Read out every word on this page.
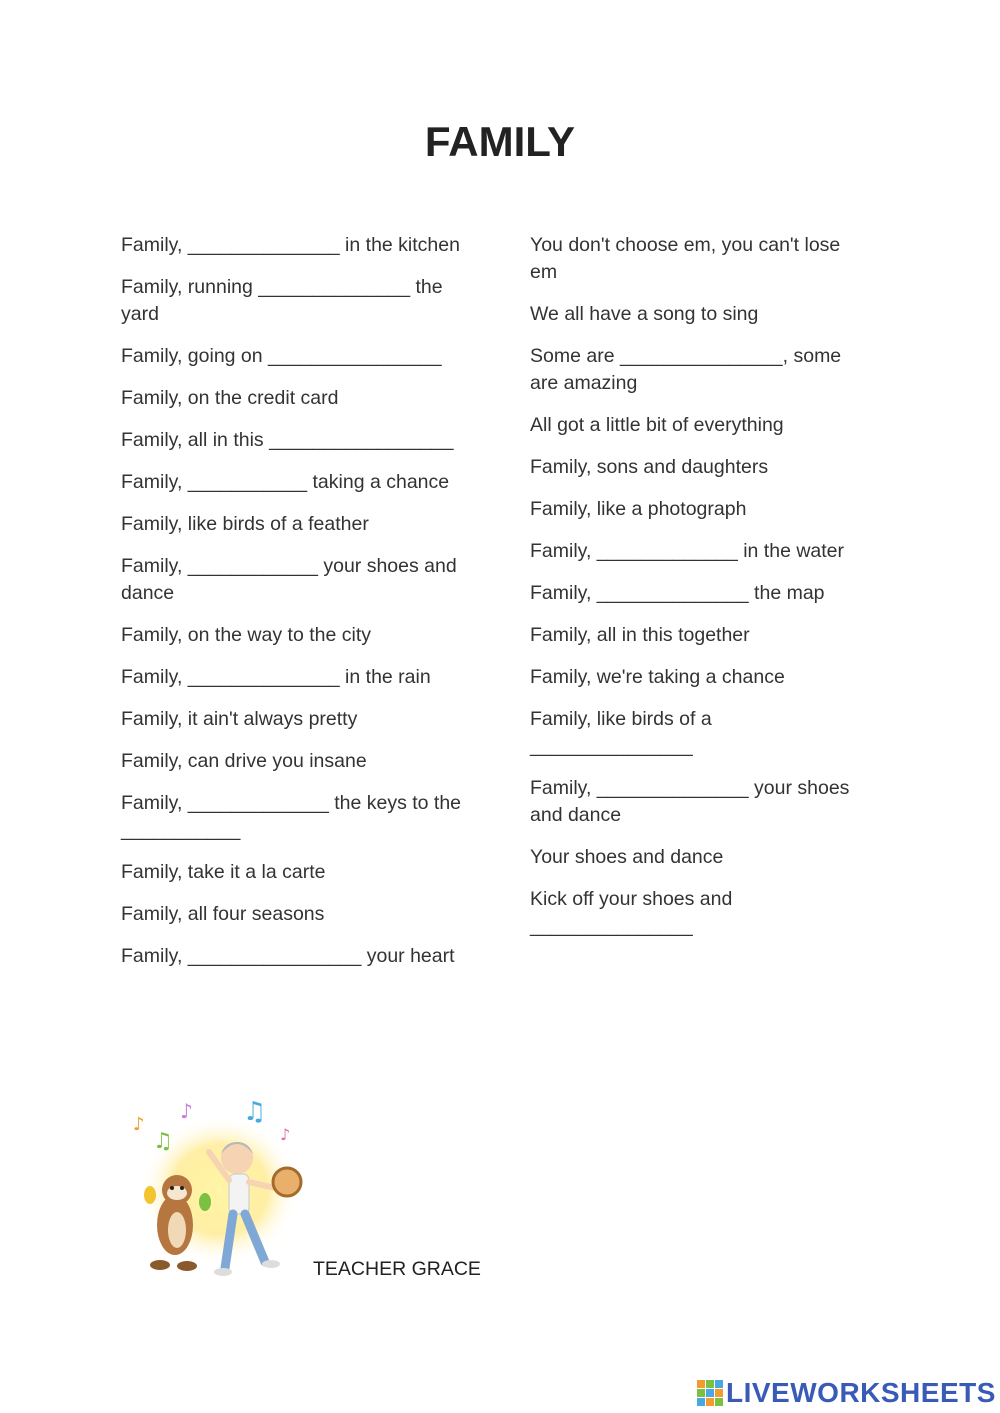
FAMILY
Family, ______________ in the kitchen
Family, running ______________ the yard
Family, going on ________________
Family, on the credit card
Family, all in this _________________
Family, ___________ taking a chance
Family, like birds of a feather
Family, ____________ your shoes and dance
Family, on the way to the city
Family, ______________ in the rain
Family, it ain't always pretty
Family, can drive you insane
Family, _____________ the keys to the ___________
Family, take it a la carte
Family, all four seasons
Family, ________________ your heart
You don't choose em, you can't lose em
We all have a song to sing
Some are _______________, some are amazing
All got a little bit of everything
Family, sons and daughters
Family, like a photograph
Family, _____________ in the water
Family, ______________ the map
Family, all in this together
Family, we're taking a chance
Family, like birds of a _______________
Family, ______________ your shoes and dance
Your shoes and dance
Kick off your shoes and _______________
♪
♫
♪ ♫
♪
TEACHER GRACE
LIVEWORKSHEETS
